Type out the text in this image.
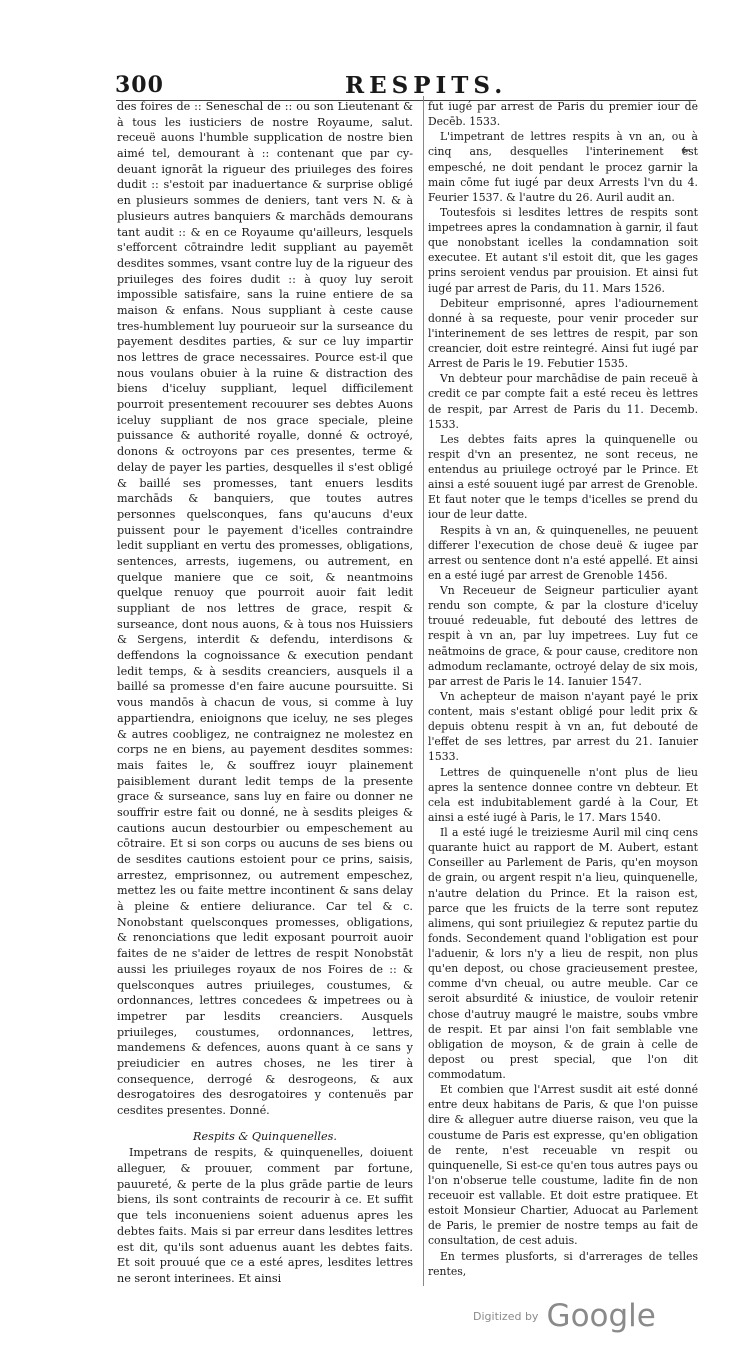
300	RESPITS.

des foires de :: Seneschal de :: ou son Lieutenant & à tous les iusticiers de nostre Royaume, salut. receuë auons l'humble supplication de nostre bien aimé tel, demourant à :: contenant que par cy-deuant ignorāt la rigueur des priuileges des foires dudit :: s'estoit par inaduertance & surprise obligé en plusieurs sommes de deniers, tant vers N. & à plusieurs autres banquiers & marchāds demourans tant audit :: & en ce Royaume qu'ailleurs, lesquels s'efforcent cōtraindre ledit suppliant au payemēt desdites sommes, vsant contre luy de la rigueur des priuileges des foires dudit :: à quoy luy seroit impossible satisfaire, sans la ruine entiere de sa maison & enfans. Nous suppliant à ceste cause tres-humblement luy pourueoir sur la surseance du payement desdites parties, & sur ce luy impartir nos lettres de grace necessaires. Pource est-il que nous voulans obuier à la ruine & distraction des biens d'iceluy suppliant, lequel difficilement pourroit presentement recouurer ses debtes Auons iceluy suppliant de nos grace speciale, pleine puissance & authorité royalle, donné & octroyé, donons & octroyons par ces presentes, terme & delay de payer les parties, desquelles il s'est obligé & baillé ses promesses, tant enuers lesdits marchāds & banquiers, que toutes autres personnes quelsconques, fans qu'aucuns d'eux puissent pour le payement d'icelles contraindre ledit suppliant en vertu des promesses, obligations, sentences, arrests, iugemens, ou autrement, en quelque maniere que ce soit, & neantmoins quelque renuoy que pourroit auoir fait ledit suppliant de nos lettres de grace, respit & surseance, dont nous auons, & à tous nos Huissiers & Sergens, interdit & defendu, interdisons & deffendons la cognoissance & execution pendant ledit temps, & à sesdits creanciers, ausquels il a baillé sa promesse d'en faire aucune poursuitte. Si vous mandōs à chacun de vous, si comme à luy appartiendra, enioignons que iceluy, ne ses pleges & autres coobligez, ne contraignez ne molestez en corps ne en biens, au payement desdites sommes: mais faites le, & souffrez iouyr plainement paisiblement durant ledit temps de la presente grace & surseance, sans luy en faire ou donner ne souffrir estre fait ou donné, ne à sesdits pleiges & cautions aucun destourbier ou empeschement au cōtraire. Et si son corps ou aucuns de ses biens ou de sesdites cautions estoient pour ce prins, saisis, arrestez, emprisonnez, ou autrement empeschez, mettez les ou faite mettre incontinent & sans delay à pleine & entiere deliurance. Car tel & c. Nonobstant quelsconques promesses, obligations, & renonciations que ledit exposant pourroit auoir faites de ne s'aider de lettres de respit Nonobstāt aussi les priuileges royaux de nos Foires de :: & quelsconques autres priuileges, coustumes, & ordonnances, lettres concedees & impetrees ou à impetrer par lesdits creanciers. Ausquels priuileges, coustumes, ordonnances, lettres, mandemens & defences, auons quant à ce sans y preiudicier en autres choses, ne les tirer à consequence, derrogé & desrogeons, & aux desrogatoires des desrogatoires y contenuës par cesdites presentes. Donné.

Respits & Quinquenelles.

Impetrans de respits, & quinquenelles, doiuent alleguer, & prouuer, comment par fortune, pauureté, & perte de la plus grāde partie de leurs biens, ils sont contraints de recourir à ce. Et suffit que tels inconueniens soient aduenus apres les debtes faits. Mais si par erreur dans lesdites lettres est dit, qu'ils sont aduenus auant les debtes faits. Et soit prouué que ce a esté apres, lesdites lettres ne seront interinees. Et ainsi

fut iugé par arrest de Paris du premier iour de Decēb. 1533.

L'impetrant de lettres respits à vn an, ou à cinq ans, desquelles l'interinement est empesché, ne doit pendant le procez garnir la main cōme fut iugé par deux Arrests l'vn du 4. Feurier 1537. & l'autre du 26. Auril audit an.

Toutesfois si lesdites lettres de respits sont impetrees apres la condamnation à garnir, il faut que nonobstant icelles la condamnation soit executee. Et autant s'il estoit dit, que les gages prins seroient vendus par prouision. Et ainsi fut iugé par arrest de Paris, du 11. Mars 1526.

Debiteur emprisonné, apres l'adiournement donné à sa requeste, pour venir proceder sur l'interinement de ses lettres de respit, par son creancier, doit estre reintegré. Ainsi fut iugé par Arrest de Paris le 19. Febutier 1535.

Vn debteur pour marchādise de pain receuë à credit ce par compte fait a esté receu ès lettres de respit, par Arrest de Paris du 11. Decemb. 1533.

Les debtes faits apres la quinquenelle ou respit d'vn an presentez, ne sont receus, ne entendus au priuilege octroyé par le Prince. Et ainsi a esté souuent iugé par arrest de Grenoble. Et faut noter que le temps d'icelles se prend du iour de leur datte.

Respits à vn an, & quinquenelles, ne peuuent differer l'execution de chose deuë & iugee par arrest ou sentence dont n'a esté appellé. Et ainsi en a esté iugé par arrest de Grenoble 1456.

Vn Receueur de Seigneur particulier ayant rendu son compte, & par la closture d'iceluy trouué redeuable, fut debouté des lettres de respit à vn an, par luy impetrees. Luy fut ce neātmoins de grace, & pour cause, creditore non admodum reclamante, octroyé delay de six mois, par arrest de Paris le 14. Ianuier 1547.

Vn achepteur de maison n'ayant payé le prix content, mais s'estant obligé pour ledit prix & depuis obtenu respit à vn an, fut debouté de l'effet de ses lettres, par arrest du 21. Ianuier 1533.

Lettres de quinquenelle n'ont plus de lieu apres la sentence donnee contre vn debteur. Et cela est indubitablement gardé à la Cour, Et ainsi a esté iugé à Paris, le 17. Mars 1540.

Il a esté iugé le treiziesme Auril mil cinq cens quarante huict au rapport de M. Aubert, estant Conseiller au Parlement de Paris, qu'en moyson de grain, ou argent respit n'a lieu, quinquenelle, n'autre delation du Prince. Et la raison est, parce que les fruicts de la terre sont reputez alimens, qui sont priuilegiez & reputez partie du fonds. Secondement quand l'obligation est pour l'aduenir, & lors n'y a lieu de respit, non plus qu'en depost, ou chose gracieusement prestee, comme d'vn cheual, ou autre meuble. Car ce seroit absurdité & iniustice, de vouloir retenir chose d'autruy maugré le maistre, soubs vmbre de respit. Et par ainsi l'on fait semblable vne obligation de moyson, & de grain à celle de depost ou prest special, que l'on dit commodatum.

Et combien que l'Arrest susdit ait esté donné entre deux habitans de Paris, & que l'on puisse dire & alleguer autre diuerse raison, veu que la coustume de Paris est expresse, qu'en obligation de rente, n'est receuable vn respit ou quinquenelle, Si est-ce qu'en tous autres pays ou l'on n'obserue telle coustume, ladite fin de non receuoir est vallable. Et doit estre pratiquee. Et estoit Monsieur Chartier, Aduocat au Parlement de Paris, le premier de nostre temps au fait de consultation, de cest aduis.

En termes plusforts, si d'arrerages de telles rentes,

$^{Digitized by}$ Google
